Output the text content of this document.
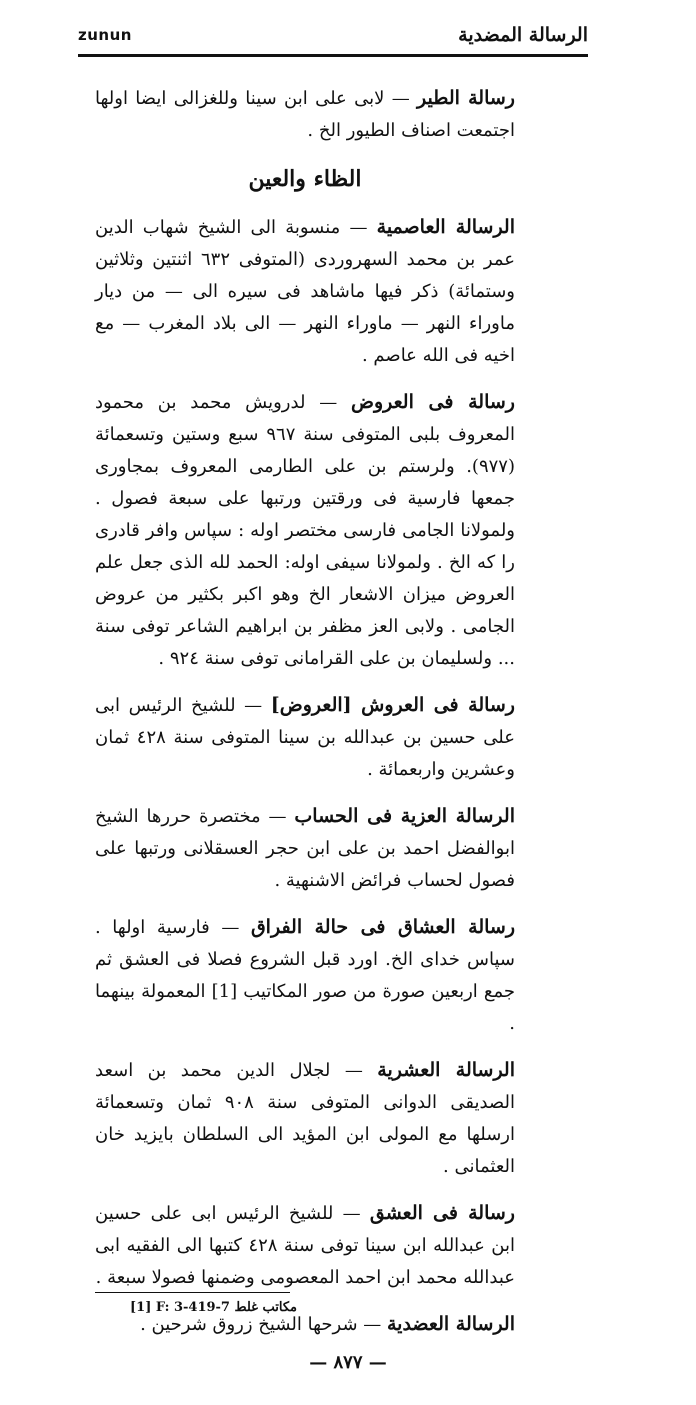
zunun	الرسالة المضدية

رسالة الطير — لابى على ابن سينا وللغزالى ايضا اولها اجتمعت اصناف الطيور الخ .

الظاء والعين

الرسالة العاصمية — منسوبة الى الشيخ شهاب الدين عمر بن محمد السهروردى (المتوفى ٦٣٢ اثنتين وثلاثين وستمائة) ذكر فيها ماشاهد فى سيره الى — من ديار ماوراء النهر — ماوراء النهر — الى بلاد المغرب — مع اخيه فى الله عاصم .

رسالة فى العروض — لدرويش محمد بن محمود المعروف بلبى المتوفى سنة ٩٦٧ سبع وستين وتسعمائة (٩٧٧). ولرستم بن على الطارمى المعروف بمجاورى جمعها فارسية فى ورقتين ورتبها على سبعة فصول . ولمولانا الجامى فارسى مختصر اوله : سپاس وافر قادرى را كه الخ . ولمولانا سيفى اوله: الحمد لله الذى جعل علم العروض ميزان الاشعار الخ وهو اكبر بكثير من عروض الجامى . ولابى العز مظفر بن ابراهيم الشاعر توفى سنة ... ولسليمان بن على القرامانى توفى سنة ٩٢٤ .

رسالة فى العروش [العروض] — للشيخ الرئيس ابى على حسين بن عبدالله بن سينا المتوفى سنة ٤٢٨ ثمان وعشرين واربعمائة .

الرسالة العزية فى الحساب — مختصرة حررها الشيخ ابوالفضل احمد بن على ابن حجر العسقلانى ورتبها على فصول لحساب فرائض الاشنهية .

رسالة العشاق فى حالة الفراق — فارسية اولها . سپاس خداى الخ. اورد قبل الشروع فصلا فى العشق ثم جمع اربعين صورة من صور المكاتيب [1] المعمولة بينهما .

الرسالة العشرية — لجلال الدين محمد بن اسعد الصديقى الدوانى المتوفى سنة ٩٠٨ ثمان وتسعمائة ارسلها مع المولى ابن المؤيد الى السلطان بايزيد خان العثمانى .

رسالة فى العشق — للشيخ الرئيس ابى على حسين ابن عبدالله ابن سينا توفى سنة ٤٢٨ كتبها الى الفقيه ابى عبدالله محمد ابن احمد المعصومى وضمنها فصولا سبعة .

الرسالة العضدية — شرحها الشيخ زروق شرحين .

مكاتب غلط [1] F: 3-419-7
— ٨٧٧ —
